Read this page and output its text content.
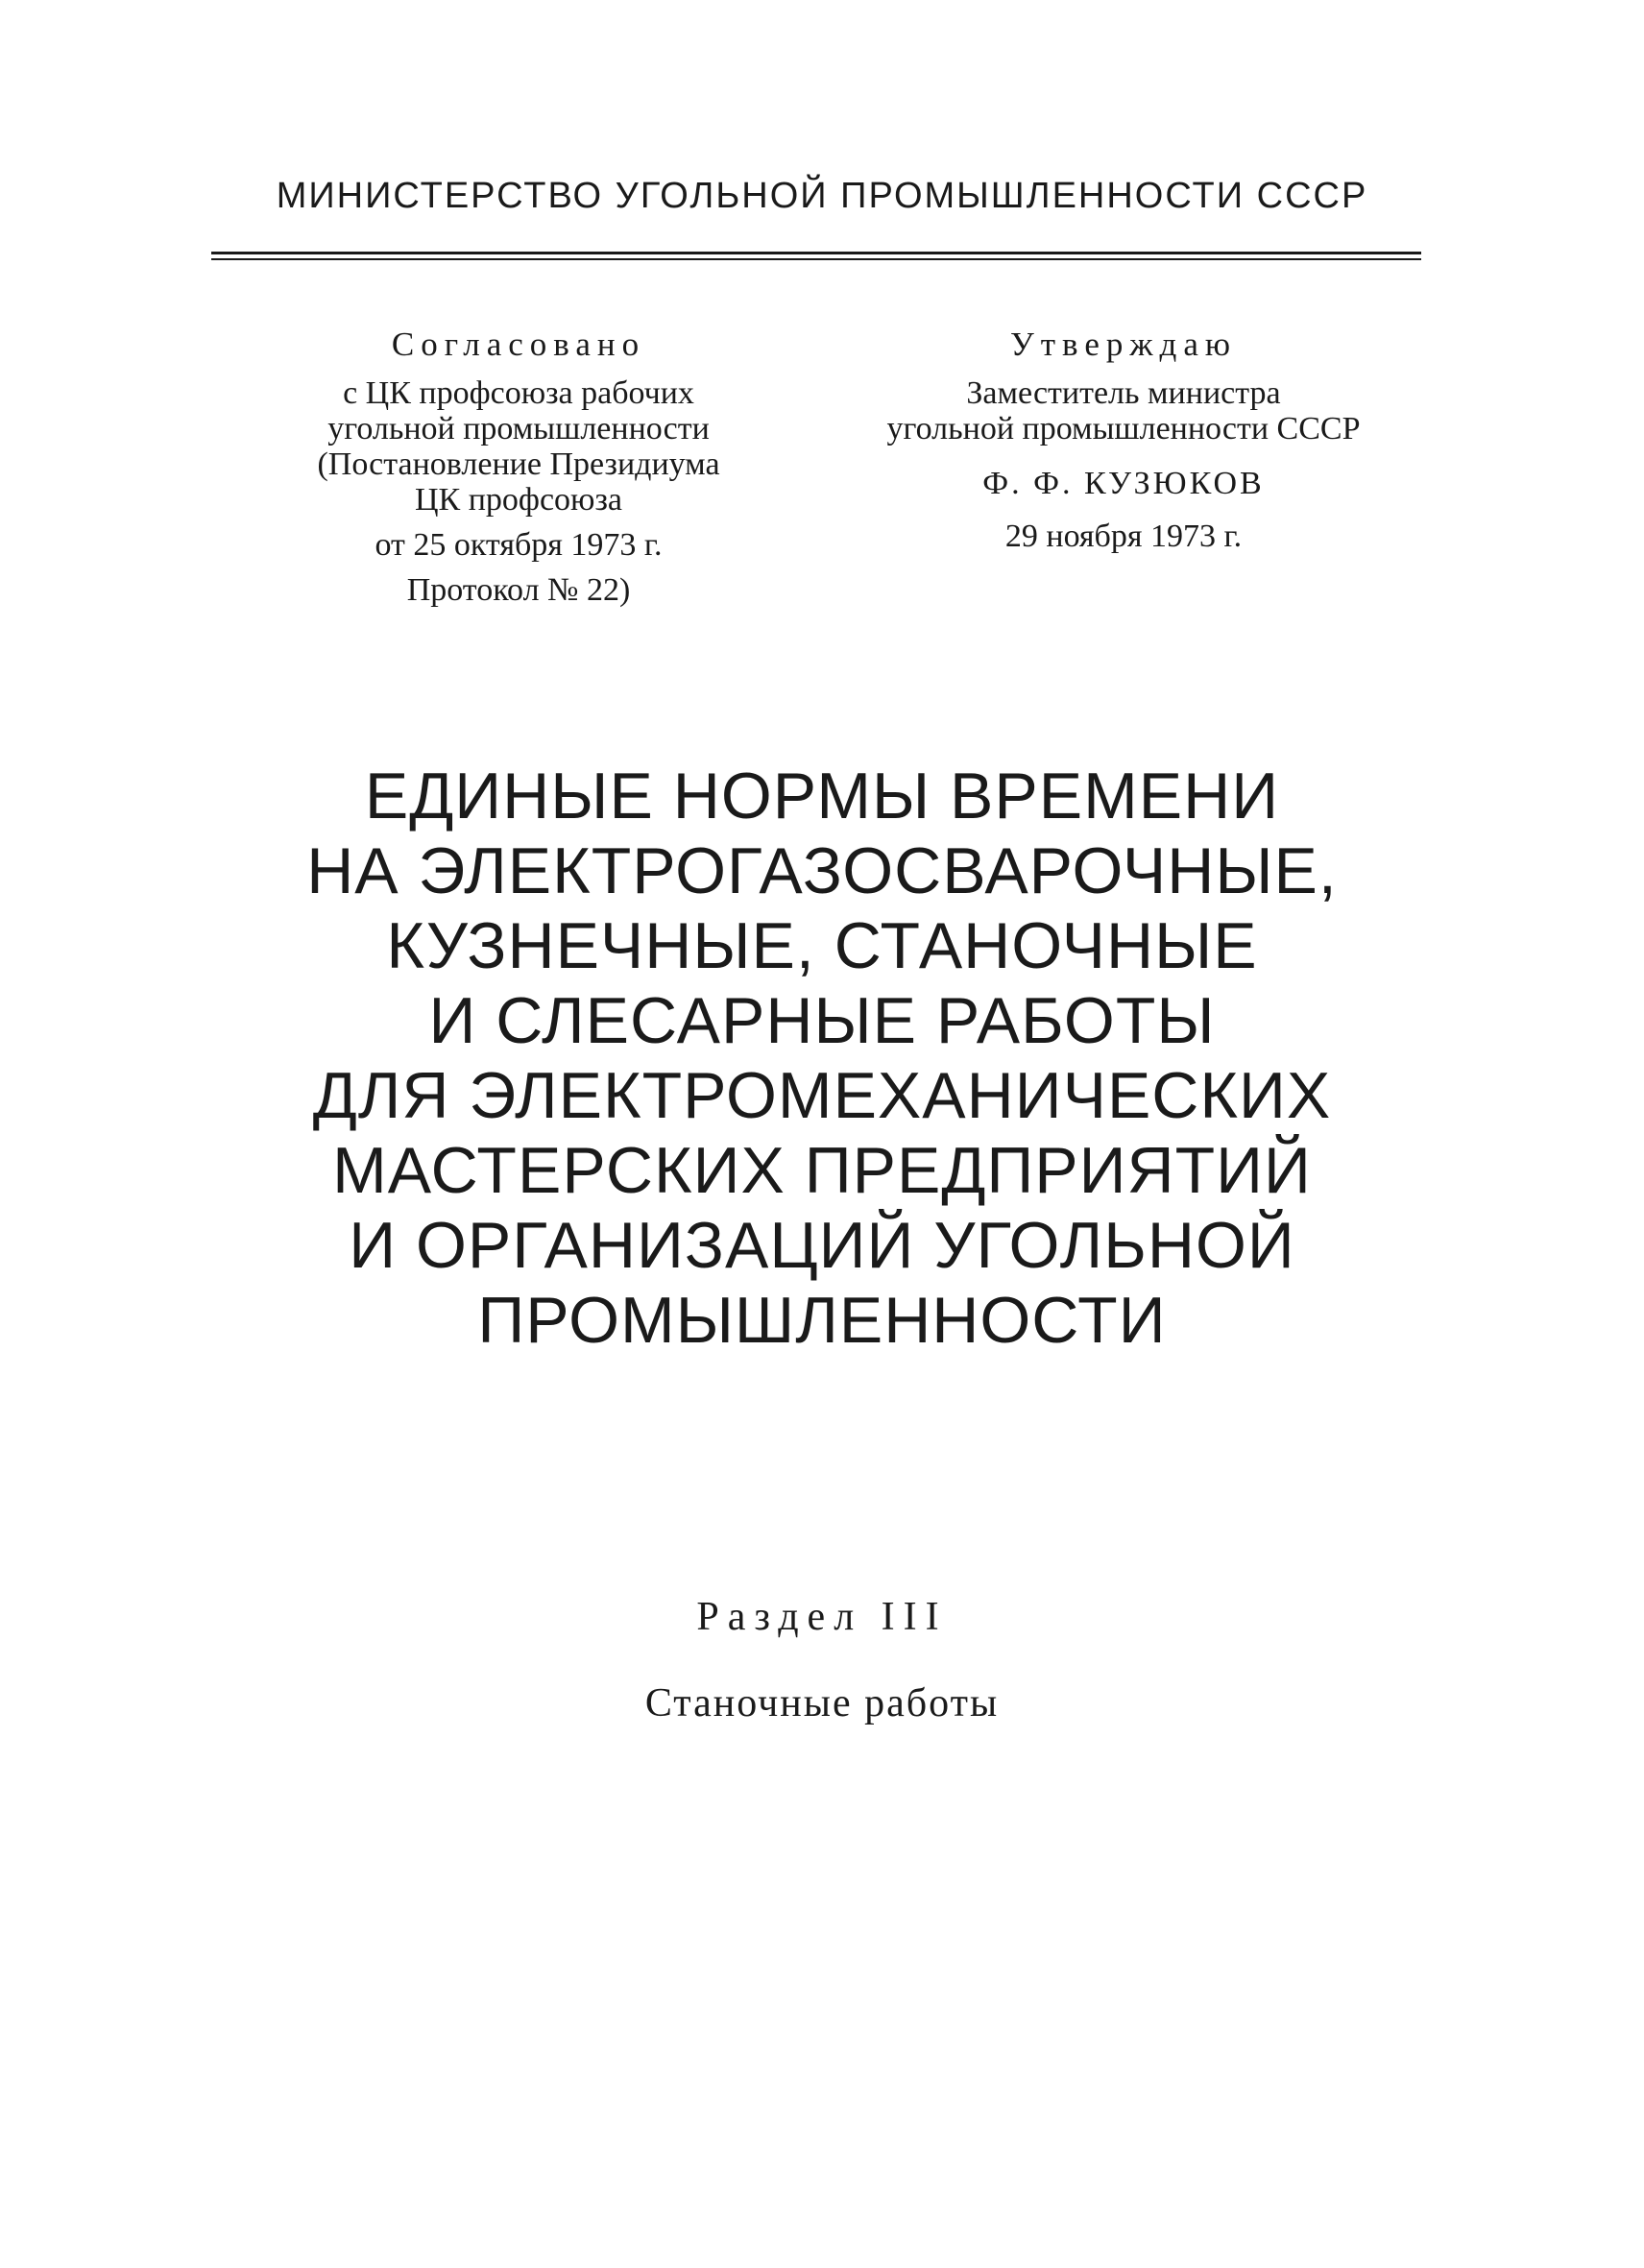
МИНИСТЕРСТВО УГОЛЬНОЙ ПРОМЫШЛЕННОСТИ СССР
Согласовано
с ЦК профсоюза рабочих
угольной промышленности
(Постановление Президиума
ЦК профсоюза
от 25 октября 1973 г.
Протокол № 22)
Утверждаю
Заместитель министра
угольной промышленности СССР
Ф. Ф. КУЗЮКОВ
29 ноября 1973 г.
ЕДИНЫЕ НОРМЫ ВРЕМЕНИ
НА ЭЛЕКТРОГАЗОСВАРОЧНЫЕ,
КУЗНЕЧНЫЕ, СТАНОЧНЫЕ
И СЛЕСАРНЫЕ РАБОТЫ
ДЛЯ ЭЛЕКТРОМЕХАНИЧЕСКИХ
МАСТЕРСКИХ ПРЕДПРИЯТИЙ
И ОРГАНИЗАЦИЙ УГОЛЬНОЙ
ПРОМЫШЛЕННОСТИ
Раздел III
Станочные работы
